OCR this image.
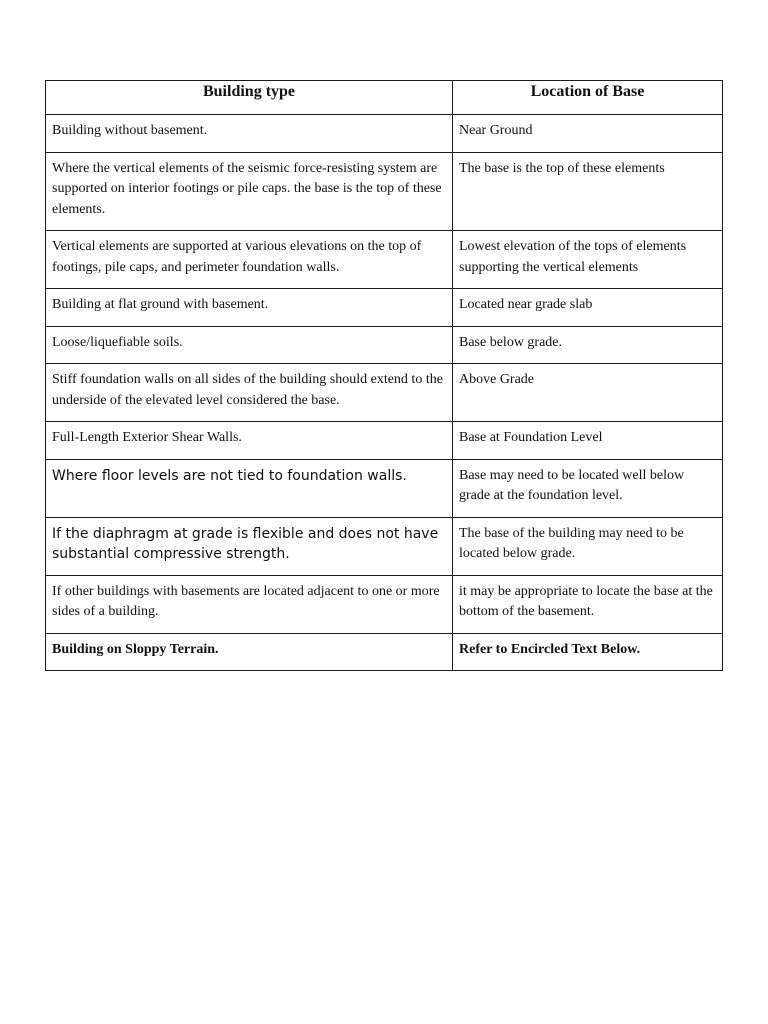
Building type	Location of Base
Building without basement.	Near Ground
Where the vertical elements of the seismic force-resisting system are supported on interior footings or pile caps. the base is the top of these elements.	The base is the top of these elements
Vertical elements are supported at various elevations on the top of footings, pile caps, and perimeter foundation walls.	Lowest elevation of the tops of elements supporting the vertical elements
Building at flat ground with basement.	Located near grade slab
Loose/liquefiable soils.	Base below grade.
Stiff foundation walls on all sides of the building should extend to the underside of the elevated level considered the base.	Above Grade
Full-Length Exterior Shear Walls.	Base at Foundation Level
Where floor levels are not tied to foundation walls.	Base may need to be located well below grade at the foundation level.
If the diaphragm at grade is flexible and does not have substantial compressive strength.	The base of the building may need to be located below grade.
If other buildings with basements are located adjacent to one or more sides of a building.	it may be appropriate to locate the base at the bottom of the basement.
Building on Sloppy Terrain.	Refer to Encircled Text Below.
